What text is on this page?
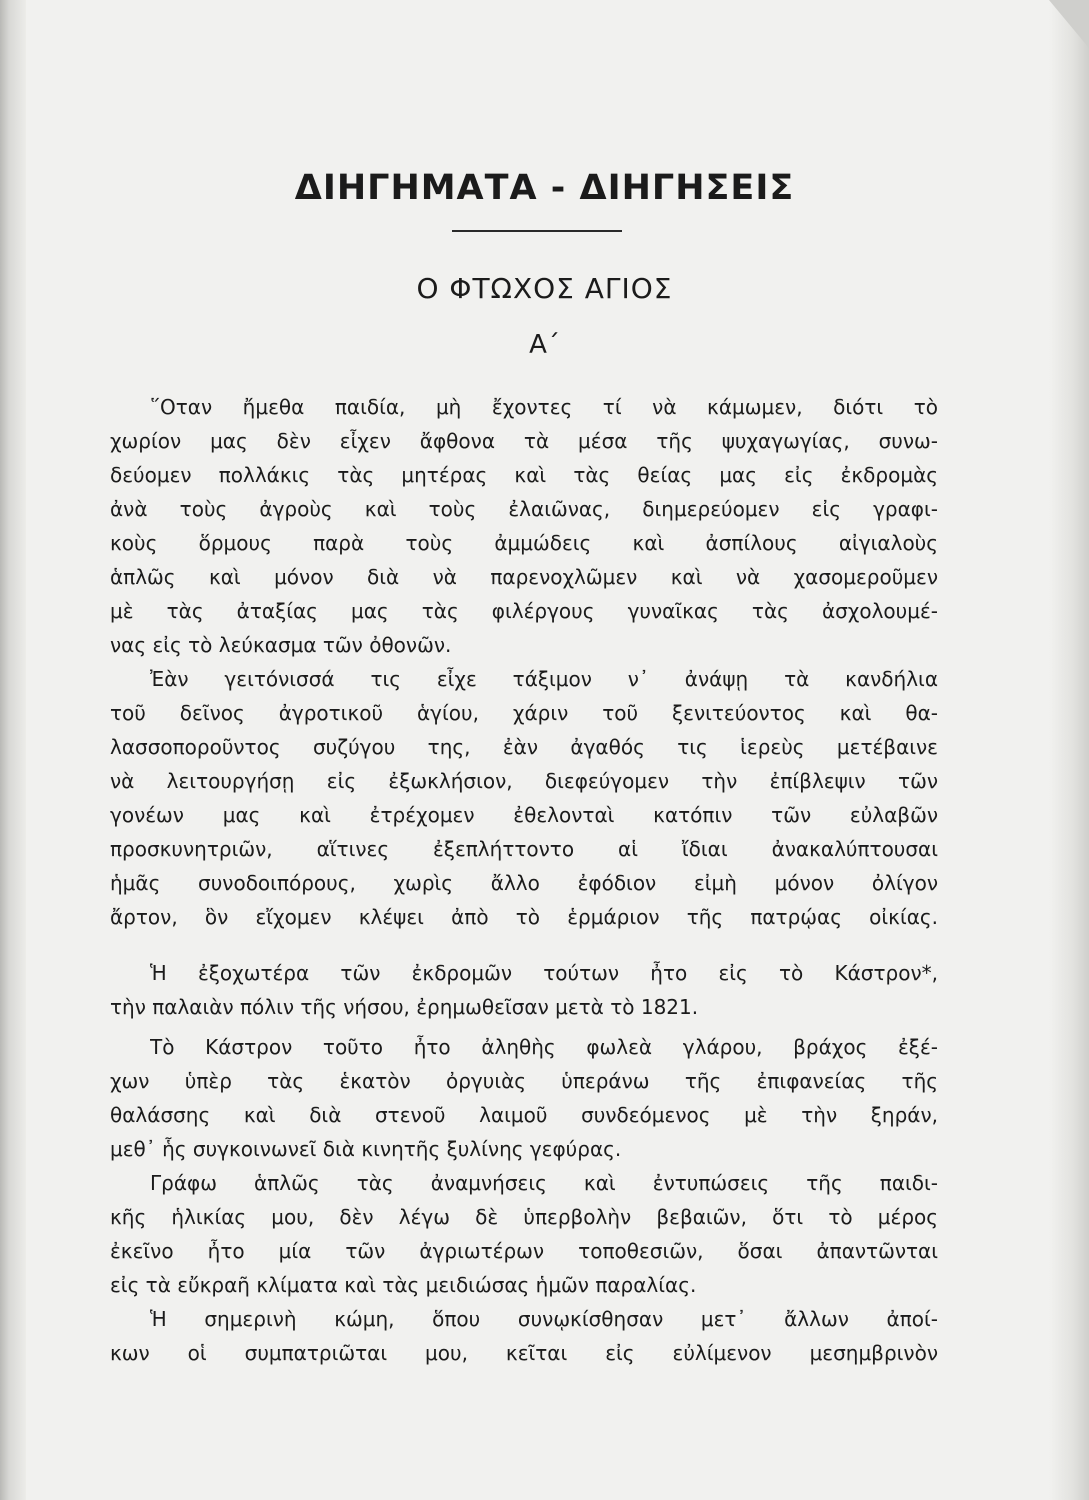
ΔΙΗΓΗΜΑΤΑ - ΔΙΗΓΗΣΕΙΣ
Ο ΦΤΩΧΟΣ ΑΓΙΟΣ
Α΄
῞Οταν ἤμεθα παιδία, μὴ ἔχοντες τί νὰ κάμωμεν, διότι τὸ
χωρίον μας δὲν εἶχεν ἄφθονα τὰ μέσα τῆς ψυχαγωγίας, συνω-
δεύομεν πολλάκις τὰς μητέρας καὶ τὰς θείας μας εἰς ἐκδρομὰς
ἀνὰ τοὺς ἀγροὺς καὶ τοὺς ἐλαιῶνας, διημερεύομεν εἰς γραφι-
κοὺς ὅρμους παρὰ τοὺς ἀμμώδεις καὶ ἀσπίλους αἰγιαλοὺς
ἁπλῶς καὶ μόνον διὰ νὰ παρενοχλῶμεν καὶ νὰ χασομεροῦμεν
μὲ τὰς ἀταξίας μας τὰς φιλέργους γυναῖκας τὰς ἀσχολουμέ-
νας εἰς τὸ λεύκασμα τῶν ὀθονῶν.
Ἐὰν γειτόνισσά τις εἶχε τάξιμον ν᾽ ἀνάψῃ τὰ κανδήλια
τοῦ δεῖνος ἀγροτικοῦ ἁγίου, χάριν τοῦ ξενιτεύοντος καὶ θα-
λασσοποροῦντος συζύγου της, ἐὰν ἀγαθός τις ἱερεὺς μετέβαινε
νὰ λειτουργήσῃ εἰς ἐξωκλήσιον, διεφεύγομεν τὴν ἐπίβλεψιν τῶν
γονέων μας καὶ ἐτρέχομεν ἐθελονταὶ κατόπιν τῶν εὐλαβῶν
προσκυνητριῶν, αἵτινες ἐξεπλήττοντο αἱ ἴδιαι ἀνακαλύπτουσαι
ἡμᾶς συνοδοιπόρους, χωρὶς ἄλλο ἐφόδιον εἰμὴ μόνον ὀλίγον
ἄρτον, ὃν εἴχομεν κλέψει ἀπὸ τὸ ἑρμάριον τῆς πατρῴας οἰκίας.
Ἡ ἐξοχωτέρα τῶν ἐκδρομῶν τούτων ἦτο εἰς τὸ Κάστρον*,
τὴν παλαιὰν πόλιν τῆς νήσου, ἐρημωθεῖσαν μετὰ τὸ 1821.
Τὸ Κάστρον τοῦτο ἦτο ἀληθὴς φωλεὰ γλάρου, βράχος ἐξέ-
χων ὑπὲρ τὰς ἑκατὸν ὀργυιὰς ὑπεράνω τῆς ἐπιφανείας τῆς
θαλάσσης καὶ διὰ στενοῦ λαιμοῦ συνδεόμενος μὲ τὴν ξηράν,
μεθ᾽ ἧς συγκοινωνεῖ διὰ κινητῆς ξυλίνης γεφύρας.
Γράφω ἁπλῶς τὰς ἀναμνήσεις καὶ ἐντυπώσεις τῆς παιδι-
κῆς ἡλικίας μου, δὲν λέγω δὲ ὑπερβολὴν βεβαιῶν, ὅτι τὸ μέρος
ἐκεῖνο ἦτο μία τῶν ἀγριωτέρων τοποθεσιῶν, ὅσαι ἀπαντῶνται
εἰς τὰ εὔκραῆ κλίματα καὶ τὰς μειδιώσας ἡμῶν παραλίας.
Ἡ σημερινὴ κώμη, ὅπου συνῳκίσθησαν μετ᾽ ἄλλων ἀποί-
κων οἱ συμπατριῶται μου, κεῖται εἰς εὐλίμενον μεσημβρινὸν
